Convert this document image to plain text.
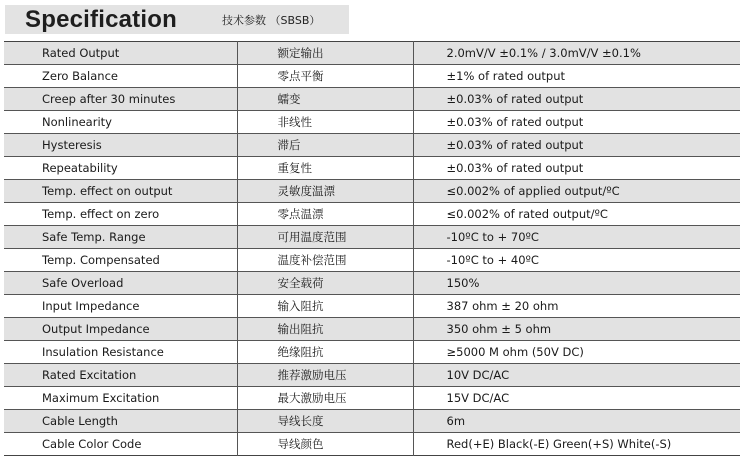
Specification	技术参数 （SBSB）
Rated Output	额定输出	2.0mV/V ±0.1% / 3.0mV/V ±0.1%
Zero Balance	零点平衡	±1% of rated output
Creep after 30 minutes	蠕变	±0.03% of rated output
Nonlinearity	非线性	±0.03% of rated output
Hysteresis	滞后	±0.03% of rated output
Repeatability	重复性	±0.03% of rated output
Temp. effect on output	灵敏度温漂	≤0.002% of applied output/ºC
Temp. effect on zero	零点温漂	≤0.002% of rated output/ºC
Safe Temp. Range	可用温度范围	-10ºC to + 70ºC
Temp. Compensated	温度补偿范围	-10ºC to + 40ºC
Safe Overload	安全载荷	150%
Input Impedance	输入阻抗	387 ohm ± 20 ohm
Output Impedance	输出阻抗	350 ohm ± 5 ohm
Insulation Resistance	绝缘阻抗	≥5000 M ohm (50V DC)
Rated Excitation	推荐激励电压	10V DC/AC
Maximum Excitation	最大激励电压	15V DC/AC
Cable Length	导线长度	6m
Cable Color Code	导线颜色	Red(+E) Black(-E) Green(+S) White(-S)
